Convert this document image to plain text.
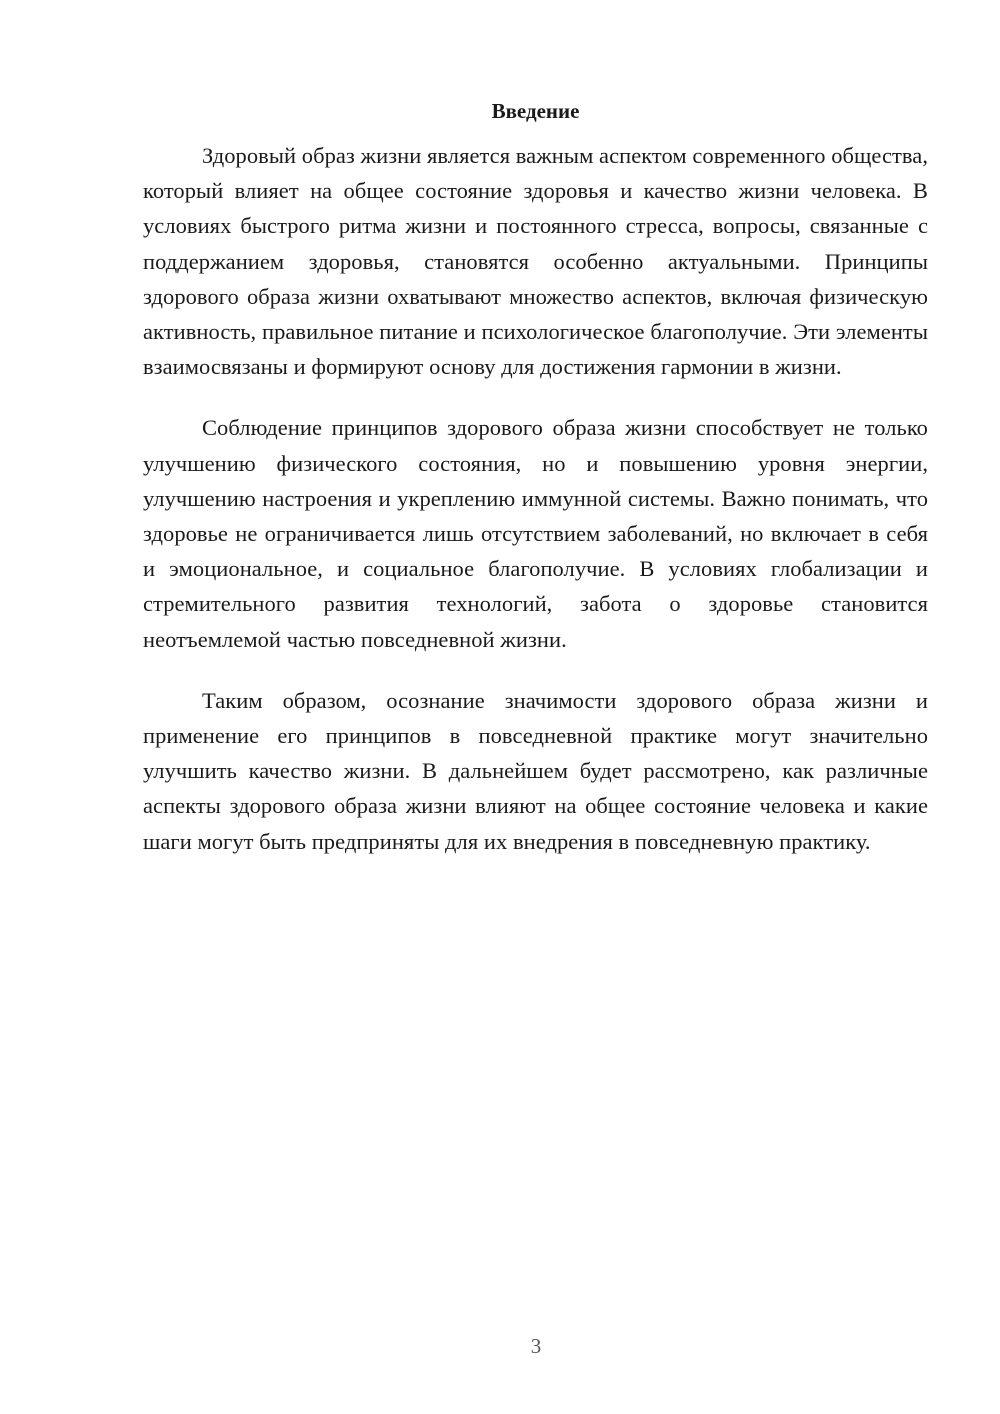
Введение

Здоровый образ жизни является важным аспектом современного общества, который влияет на общее состояние здоровья и качество жизни человека. В условиях быстрого ритма жизни и постоянного стресса, вопросы, связанные с поддержанием здоровья, становятся особенно актуальными. Принципы здорового образа жизни охватывают множество аспектов, включая физическую активность, правильное питание и психологическое благополучие. Эти элементы взаимосвязаны и формируют основу для достижения гармонии в жизни.

Соблюдение принципов здорового образа жизни способствует не только улучшению физического состояния, но и повышению уровня энергии, улучшению настроения и укреплению иммунной системы. Важно понимать, что здоровье не ограничивается лишь отсутствием заболеваний, но включает в себя и эмоциональное, и социальное благополучие. В условиях глобализации и стремительного развития технологий, забота о здоровье становится неотъемлемой частью повседневной жизни.

Таким образом, осознание значимости здорового образа жизни и применение его принципов в повседневной практике могут значительно улучшить качество жизни. В дальнейшем будет рассмотрено, как различные аспекты здорового образа жизни влияют на общее состояние человека и какие шаги могут быть предприняты для их внедрения в повседневную практику.

3
